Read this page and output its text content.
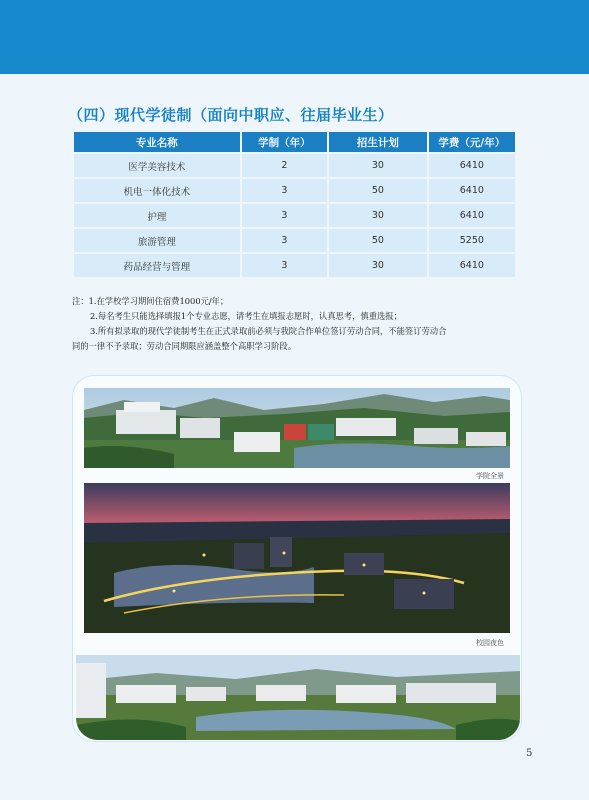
（四）现代学徒制（面向中职应、往届毕业生）
专业名称	学制（年）	招生计划	学费（元/年）
医学美容技术	2	30	6410
机电一体化技术	3	50	6410
护理	3	30	6410
旅游管理	3	50	5250
药品经营与管理	3	30	6410
注：1.在学校学习期间住宿费1000元/年；
2.每名考生只能选择填报1个专业志愿，请考生在填报志愿时，认真思考，慎重选报；
3.所有拟录取的现代学徒制考生在正式录取前必须与我院合作单位签订劳动合同，不能签订劳动合
同的一律不予录取；劳动合同期限应涵盖整个高职学习阶段。
学院全景
校园夜色
5
